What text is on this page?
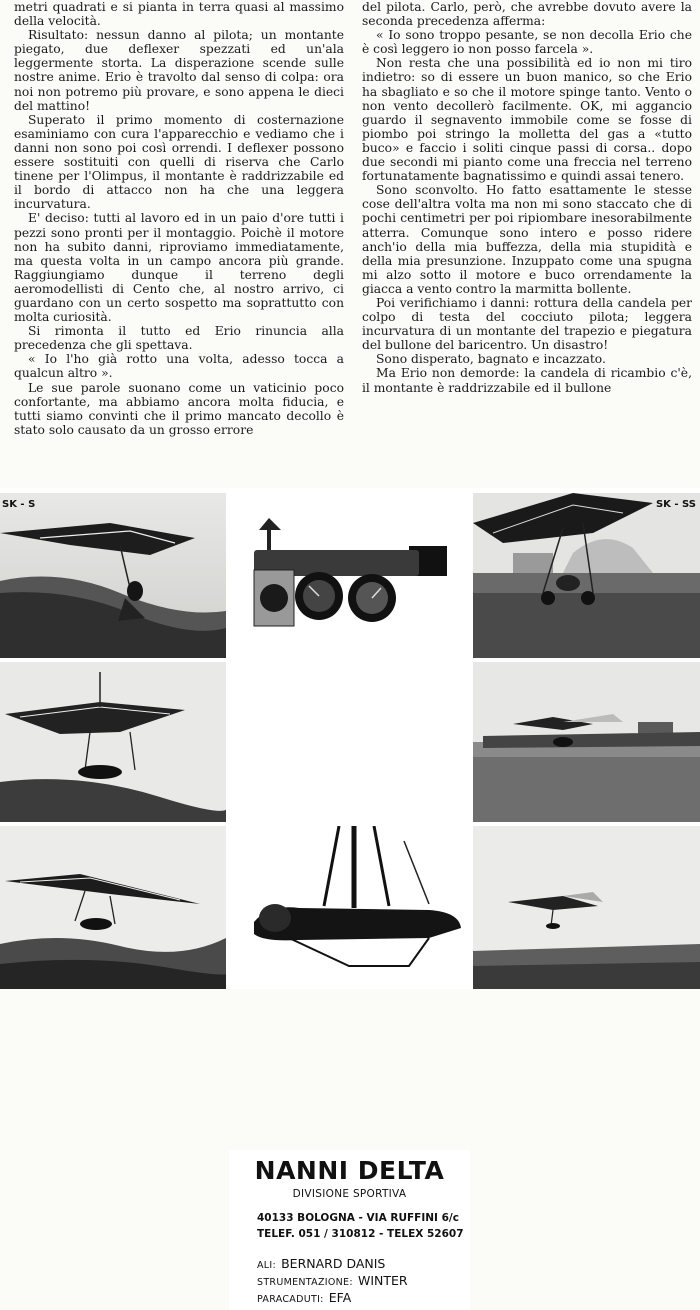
metri quadrati e si pianta in terra quasi al massimo della velocità.

Risultato: nessun danno al pilota; un montante piegato, due deflexer spezzati ed un'ala leggermente storta. La disperazione scende sulle nostre anime. Erio è travolto dal senso di colpa: ora noi non potremo più provare, e sono appena le dieci del mattino!

Superato il primo momento di costernazione esaminiamo con cura l'apparecchio e vediamo che i danni non sono poi così orrendi. I deflexer possono essere sostituiti con quelli di riserva che Carlo tinene per l'Olimpus, il montante è raddrizzabile ed il bordo di attacco non ha che una leggera incurvatura.

E' deciso: tutti al lavoro ed in un paio d'ore tutti i pezzi sono pronti per il montaggio. Poichè il motore non ha subito danni, riproviamo immediatamente, ma questa volta in un campo ancora più grande. Raggiungiamo dunque il terreno degli aeromodellisti di Cento che, al nostro arrivo, ci guardano con un certo sospetto ma soprattutto con molta curiosità.

Si rimonta il tutto ed Erio rinuncia alla precedenza che gli spettava.

« Io l'ho già rotto una volta, adesso tocca a qualcun altro ».

Le sue parole suonano come un vaticinio poco confortante, ma abbiamo ancora molta fiducia, e tutti siamo convinti che il primo mancato decollo è stato solo causato da un grosso errore

del pilota. Carlo, però, che avrebbe dovuto avere la seconda precedenza afferma:

« Io sono troppo pesante, se non decolla Erio che è così leggero io non posso farcela ».

Non resta che una possibilità ed io non mi tiro indietro: so di essere un buon manico, so che Erio ha sbagliato e so che il motore spinge tanto. Vento o non vento decollerò facilmente. OK, mi aggancio guardo il segnavento immobile come se fosse di piombo poi stringo la molletta del gas a «tutto buco» e faccio i soliti cinque passi di corsa.. dopo due secondi mi pianto come una freccia nel terreno fortunatamente bagnatissimo e quindi assai tenero.

Sono sconvolto. Ho fatto esattamente le stesse cose dell'altra volta ma non mi sono staccato che di pochi centimetri per poi ripiombare inesorabilmente atterra. Comunque sono intero e posso ridere anch'io della mia buffezza, della mia stupidità e della mia presunzione. Inzuppato come una spugna mi alzo sotto il motore e buco orrendamente la giacca a vento contro la marmitta bollente.

Poi verifichiamo i danni: rottura della candela per colpo di testa del cocciuto pilota; leggera incurvatura di un montante del trapezio e piegatura del bullone del baricentro. Un disastro!

Sono disperato, bagnato e incazzato.

Ma Erio non demorde: la candela di ricambio c'è, il montante è raddrizzabile ed il bullone

SK - S	SK - SS
NANNI DELTA
DIVISIONE SPORTIVA
40133 BOLOGNA - VIA RUFFINI 6/c
TELEF. 051 / 310812 - TELEX 52607
ALI: BERNARD DANIS
STRUMENTAZIONE: WINTER
PARACADUTI: EFA
